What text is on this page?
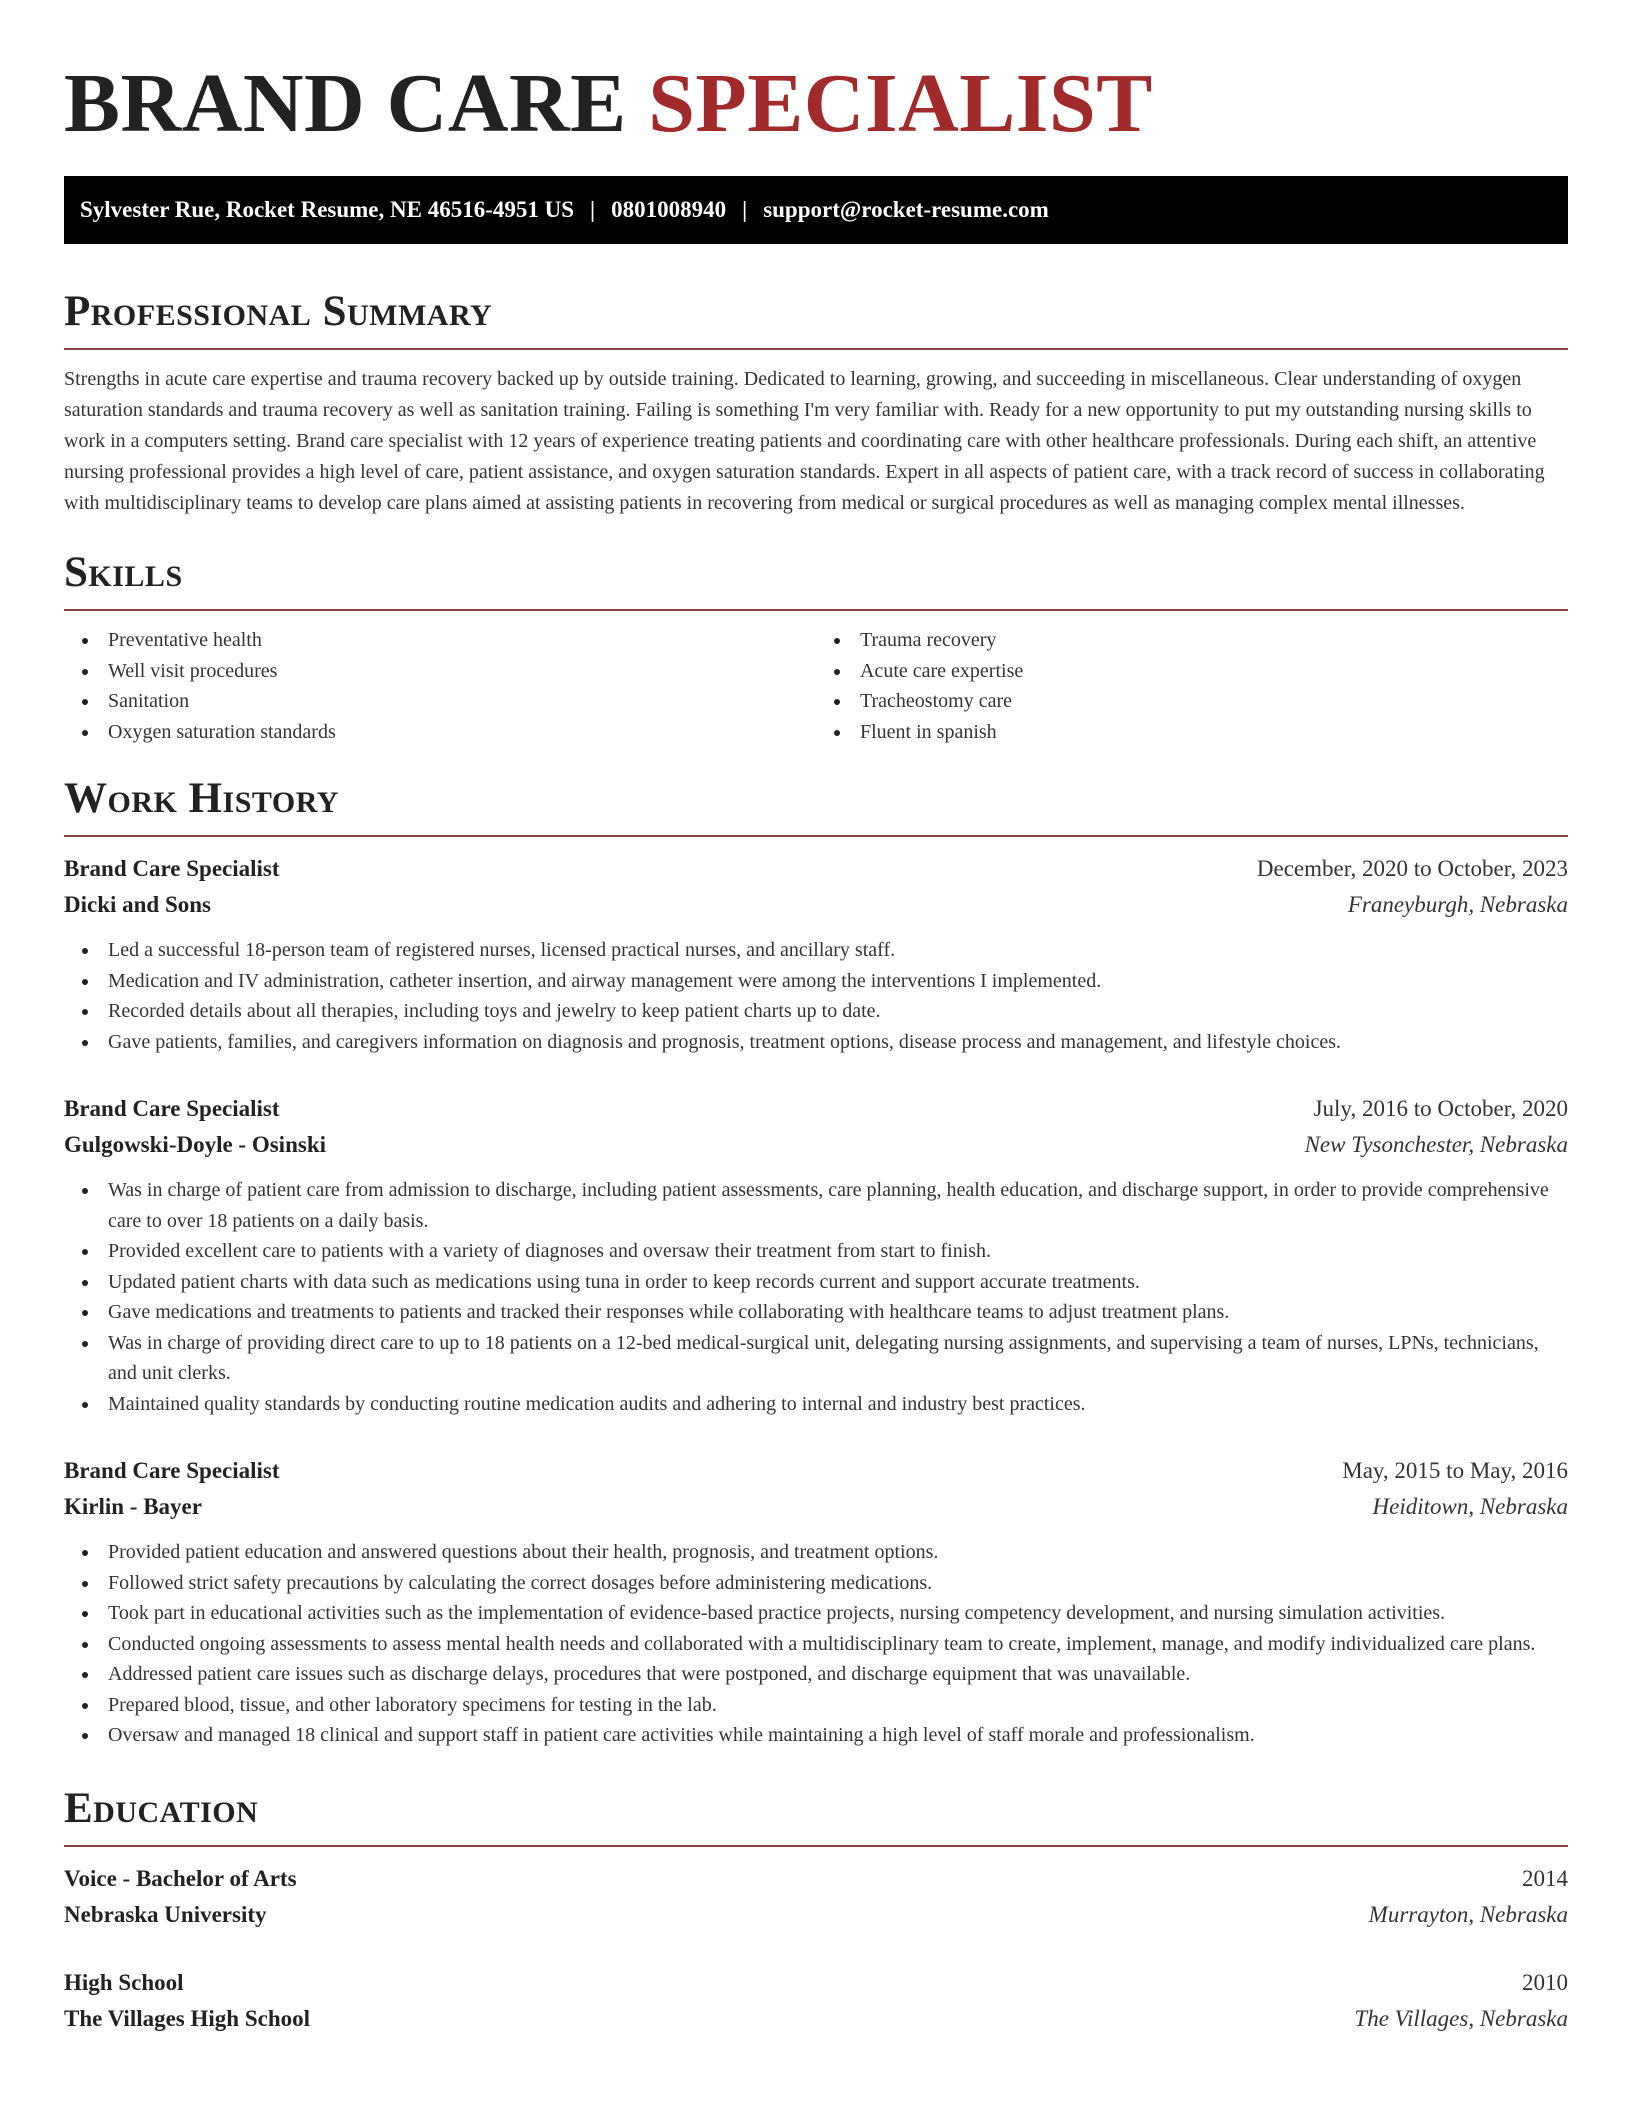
BRAND CARE SPECIALIST
Sylvester Rue, Rocket Resume, NE 46516-4951 US | 0801008940 | support@rocket-resume.com
Professional Summary

Strengths in acute care expertise and trauma recovery backed up by outside training. Dedicated to learning, growing, and succeeding in miscellaneous. Clear understanding of oxygen saturation standards and trauma recovery as well as sanitation training. Failing is something I'm very familiar with. Ready for a new opportunity to put my outstanding nursing skills to work in a computers setting. Brand care specialist with 12 years of experience treating patients and coordinating care with other healthcare professionals. During each shift, an attentive nursing professional provides a high level of care, patient assistance, and oxygen saturation standards. Expert in all aspects of patient care, with a track record of success in collaborating with multidisciplinary teams to develop care plans aimed at assisting patients in recovering from medical or surgical procedures as well as managing complex mental illnesses.

Skills
Preventative health
Well visit procedures
Sanitation
Oxygen saturation standards
Trauma recovery
Acute care expertise
Tracheostomy care
Fluent in spanish
Work History
Brand Care Specialist	December, 2020 to October, 2023
Dicki and Sons	Franeyburgh, Nebraska
Led a successful 18-person team of registered nurses, licensed practical nurses, and ancillary staff.
Medication and IV administration, catheter insertion, and airway management were among the interventions I implemented.
Recorded details about all therapies, including toys and jewelry to keep patient charts up to date.
Gave patients, families, and caregivers information on diagnosis and prognosis, treatment options, disease process and management, and lifestyle choices.
Brand Care Specialist	July, 2016 to October, 2020
Gulgowski-Doyle - Osinski	New Tysonchester, Nebraska
Was in charge of patient care from admission to discharge, including patient assessments, care planning, health education, and discharge support, in order to provide comprehensive care to over 18 patients on a daily basis.
Provided excellent care to patients with a variety of diagnoses and oversaw their treatment from start to finish.
Updated patient charts with data such as medications using tuna in order to keep records current and support accurate treatments.
Gave medications and treatments to patients and tracked their responses while collaborating with healthcare teams to adjust treatment plans.
Was in charge of providing direct care to up to 18 patients on a 12-bed medical-surgical unit, delegating nursing assignments, and supervising a team of nurses, LPNs, technicians, and unit clerks.
Maintained quality standards by conducting routine medication audits and adhering to internal and industry best practices.
Brand Care Specialist	May, 2015 to May, 2016
Kirlin - Bayer	Heiditown, Nebraska
Provided patient education and answered questions about their health, prognosis, and treatment options.
Followed strict safety precautions by calculating the correct dosages before administering medications.
Took part in educational activities such as the implementation of evidence-based practice projects, nursing competency development, and nursing simulation activities.
Conducted ongoing assessments to assess mental health needs and collaborated with a multidisciplinary team to create, implement, manage, and modify individualized care plans.
Addressed patient care issues such as discharge delays, procedures that were postponed, and discharge equipment that was unavailable.
Prepared blood, tissue, and other laboratory specimens for testing in the lab.
Oversaw and managed 18 clinical and support staff in patient care activities while maintaining a high level of staff morale and professionalism.
Education
Voice - Bachelor of Arts	2014
Nebraska University	Murrayton, Nebraska
High School	2010
The Villages High School	The Villages, Nebraska
